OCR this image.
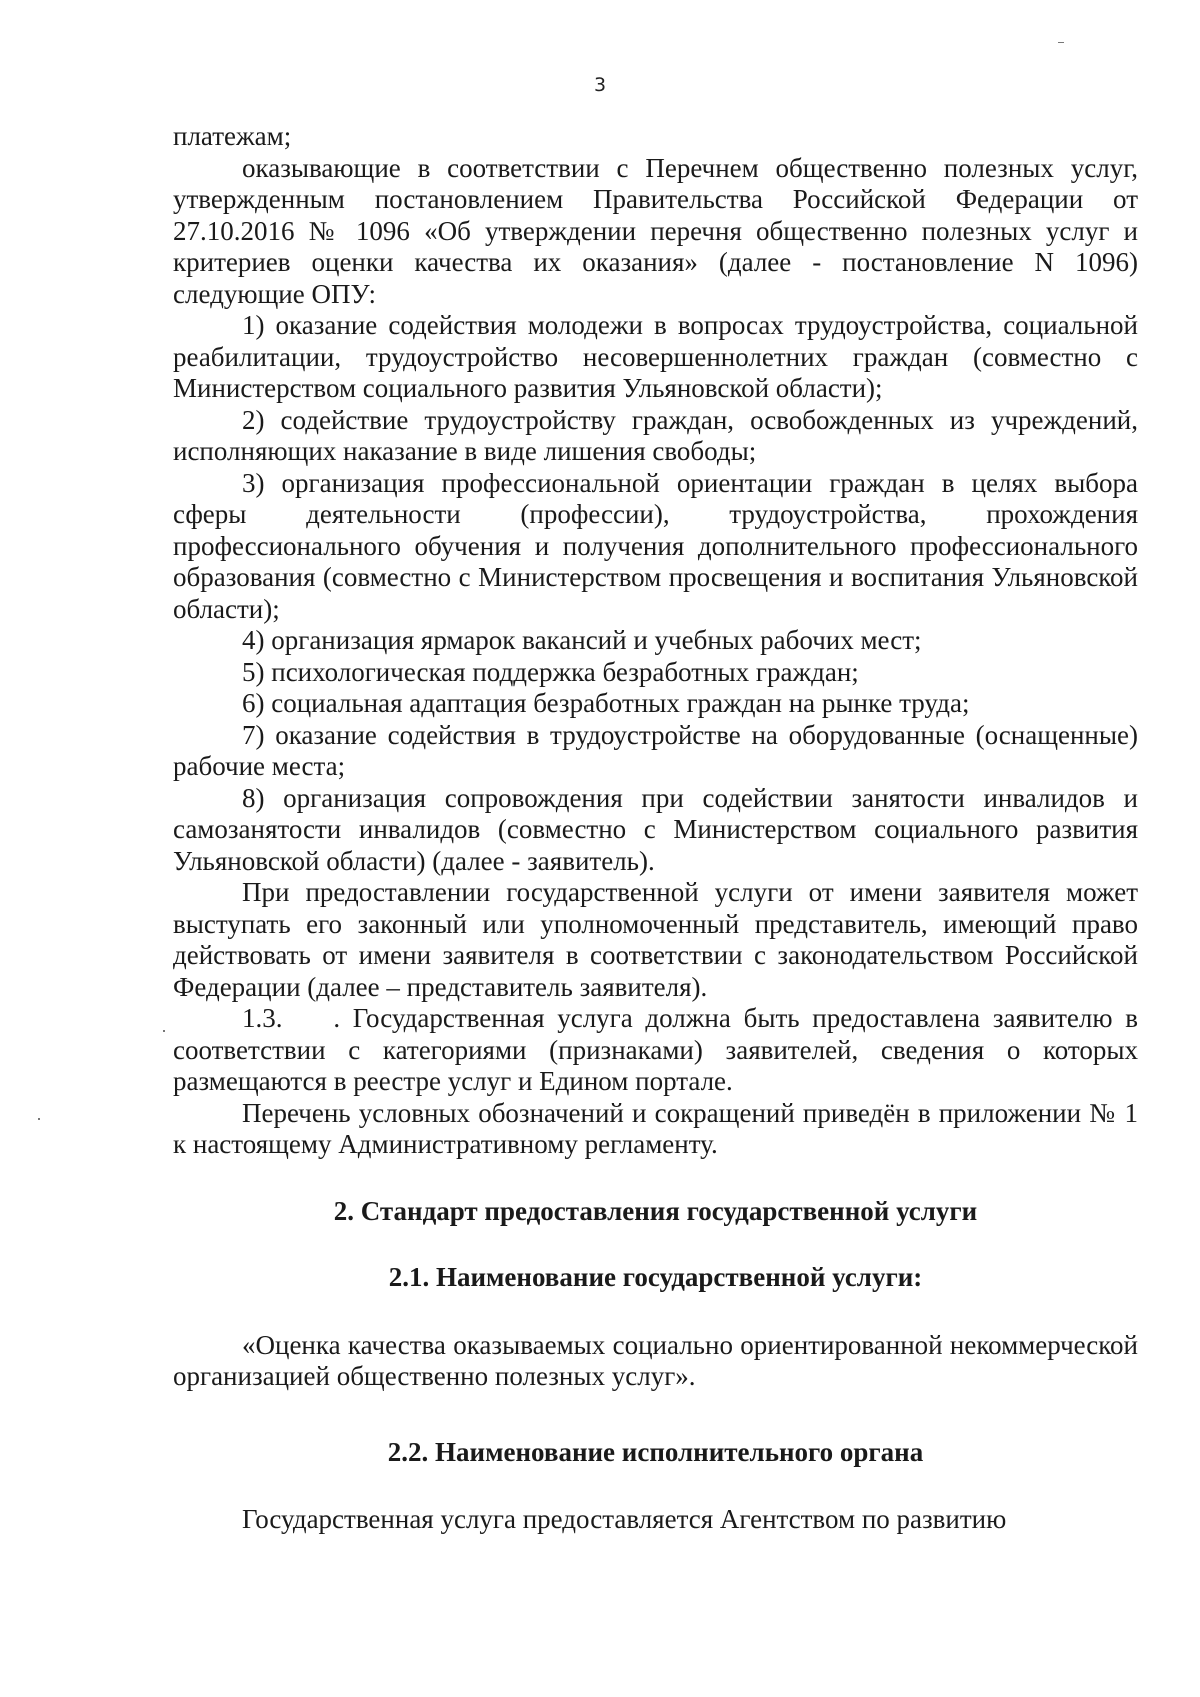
3

платежам;

оказывающие в соответствии с Перечнем общественно полезных услуг, утвержденным постановлением Правительства Российской Федерации от 27.10.2016 № 1096 «Об утверждении перечня общественно полезных услуг и критериев оценки качества их оказания» (далее - постановление N 1096) следующие ОПУ:

1) оказание содействия молодежи в вопросах трудоустройства, социальной реабилитации, трудоустройство несовершеннолетних граждан (совместно с Министерством социального развития Ульяновской области);

2) содействие трудоустройству граждан, освобожденных из учреждений, исполняющих наказание в виде лишения свободы;

3) организация профессиональной ориентации граждан в целях выбора сферы деятельности (профессии), трудоустройства, прохождения профессионального обучения и получения дополнительного профессионального образования (совместно с Министерством просвещения и воспитания Ульяновской области);

4) организация ярмарок вакансий и учебных рабочих мест;

5) психологическая поддержка безработных граждан;

6) социальная адаптация безработных граждан на рынке труда;

7) оказание содействия в трудоустройстве на оборудованные (оснащенные) рабочие места;

8) организация сопровождения при содействии занятости инвалидов и самозанятости инвалидов (совместно с Министерством социального развития Ульяновской области) (далее - заявитель).

При предоставлении государственной услуги от имени заявителя может выступать его законный или уполномоченный представитель, имеющий право действовать от имени заявителя в соответствии с законодательством Российской Федерации (далее – представитель заявителя).

1.3. . Государственная услуга должна быть предоставлена заявителю в соответствии с категориями (признаками) заявителей, сведения о которых размещаются в реестре услуг и Едином портале.

Перечень условных обозначений и сокращений приведён в приложении № 1 к настоящему Административному регламенту.

2. Стандарт предоставления государственной услуги

2.1. Наименование государственной услуги:

«Оценка качества оказываемых социально ориентированной некоммерческой организацией общественно полезных услуг».

2.2. Наименование исполнительного органа

Государственная услуга предоставляется Агентством по развитию
